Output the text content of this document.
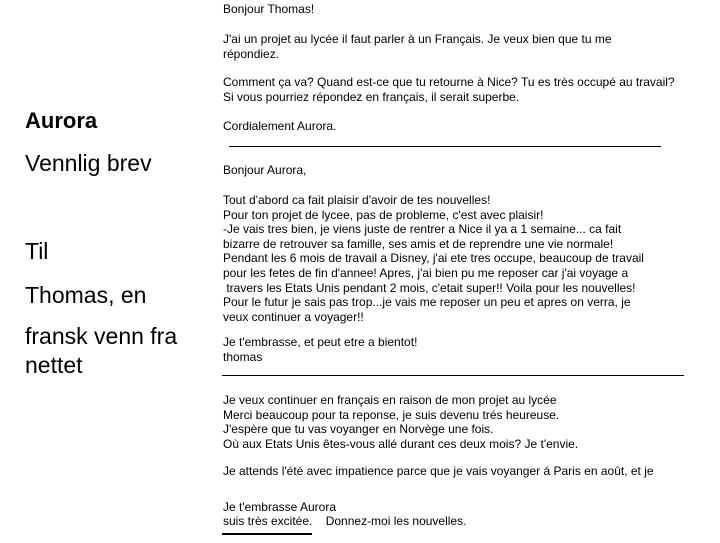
Aurora
Vennlig brev
Til
Thomas, en
fransk venn fra nettet

Bonjour Thomas!

J'ai un projet au lycée il faut parler à un Français. Je veux bien que tu me répondiez.

Comment ça va? Quand est-ce que tu retourne à Nice? Tu es très occupé au travail? Si vous pourriez répondez en français, il serait superbe.

Cordialement Aurora.

Bonjour Aurora,

Tout d'abord ca fait plaisir d'avoir de tes nouvelles!
Pour ton projet de lycee, pas de probleme, c'est avec plaisir!
-Je vais tres bien, je viens juste de rentrer a Nice il ya a 1 semaine... ca fait
bizarre de retrouver sa famille, ses amis et de reprendre une vie normale!
Pendant les 6 mois de travail a Disney, j'ai ete tres occupe, beaucoup de travail
pour les fetes de fin d'annee! Apres, j'ai bien pu me reposer car j'ai voyage a
travers les Etats Unis pendant 2 mois, c'etait super!! Voila pour les nouvelles!
Pour le futur je sais pas trop...je vais me reposer un peu et apres on verra, je
veux continuer a voyager!!
Je t'embrasse, et peut etre a bientot!
thomas
Je veux continuer en français en raison de mon projet au lycée
Merci beaucoup pour ta reponse, je suis devenu trés heureuse.
J'espère que tu vas voyanger en Norvège une fois.
Où aux Etats Unis êtes-vous allé durant ces deux mois? Je t'envie.
Je attends l'été avec impatience parce que je vais voyanger á Paris en août, et je

suis très excitée.    Donnez-moi les nouvelles.

Je t'embrasse Aurora
